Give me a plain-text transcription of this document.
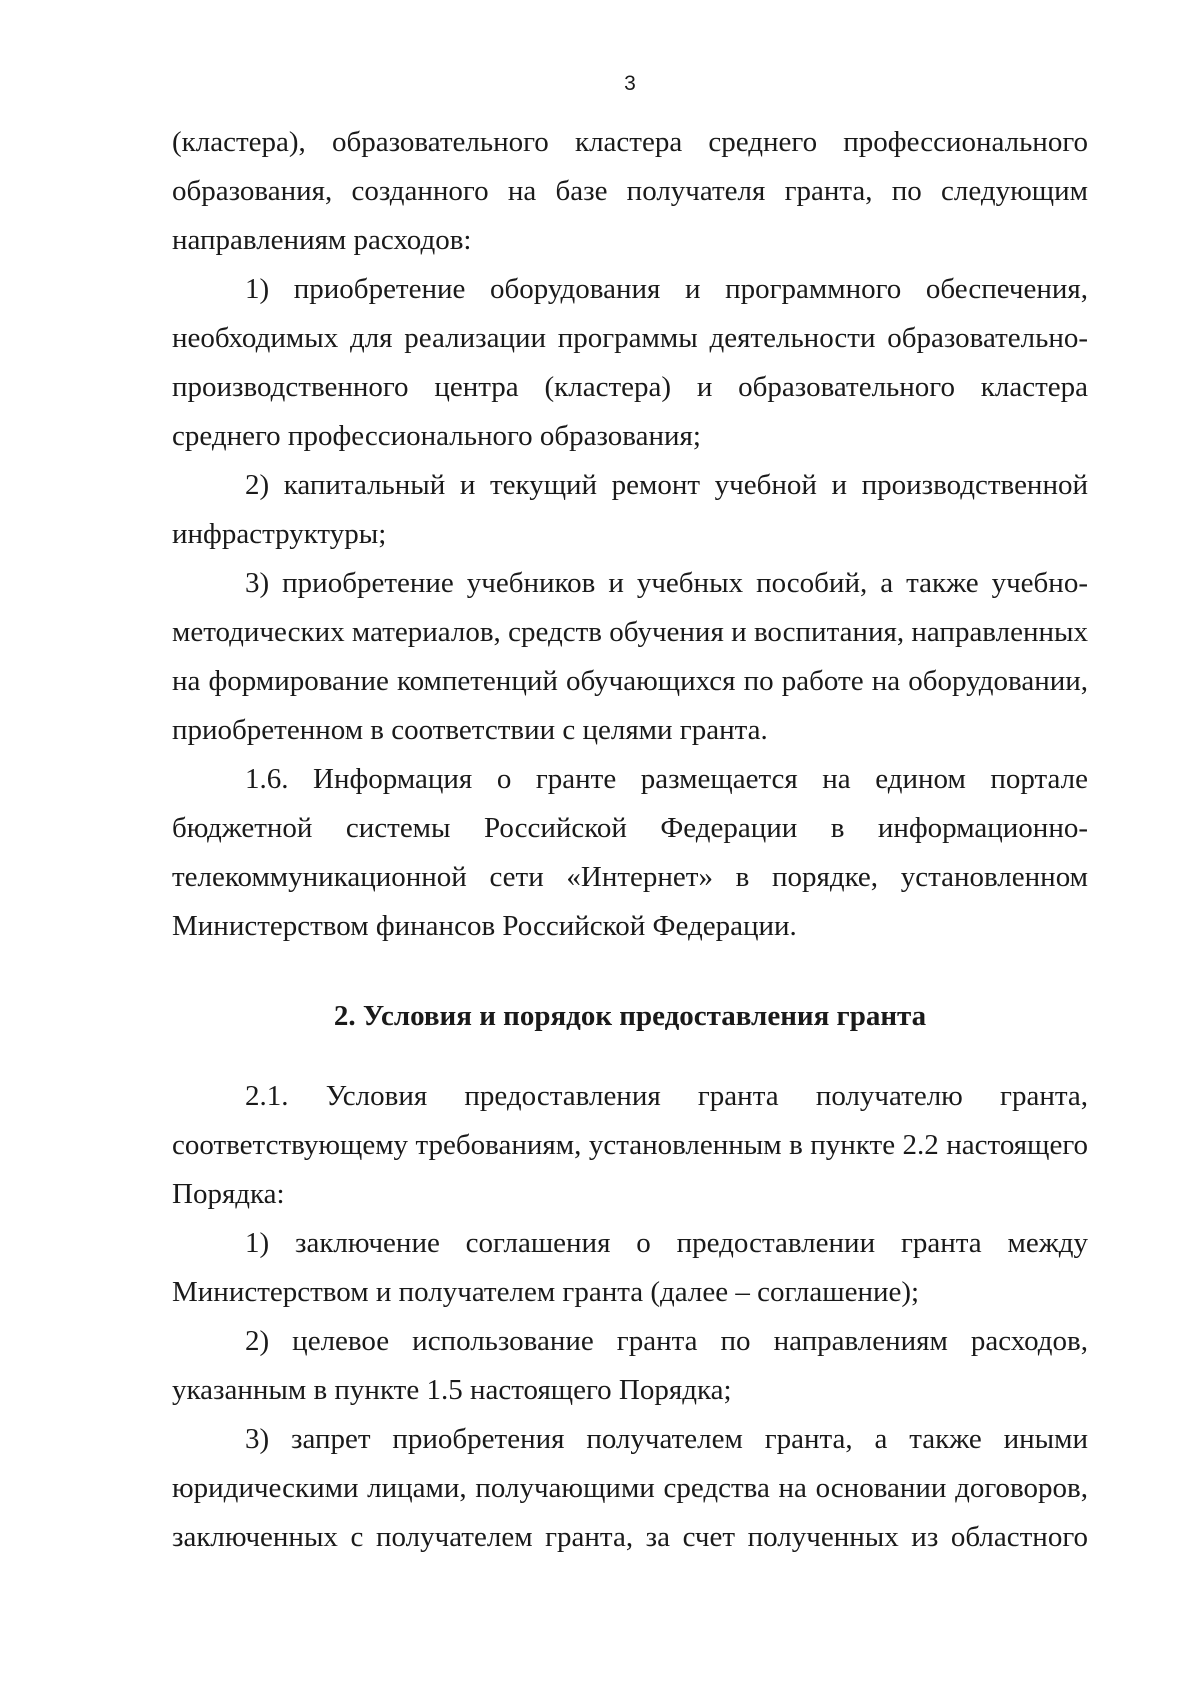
3

(кластера), образовательного кластера среднего профессионального образования, созданного на базе получателя гранта, по следующим направлениям расходов:

1) приобретение оборудования и программного обеспечения, необходимых для реализации программы деятельности образовательно-производственного центра (кластера) и образовательного кластера среднего профессионального образования;

2) капитальный и текущий ремонт учебной и производственной инфраструктуры;

3) приобретение учебников и учебных пособий, а также учебно-методических материалов, средств обучения и воспитания, направленных на формирование компетенций обучающихся по работе на оборудовании, приобретенном в соответствии с целями гранта.

1.6. Информация о гранте размещается на едином портале бюджетной системы Российской Федерации в информационно-телекоммуникационной сети «Интернет» в порядке, установленном Министерством финансов Российской Федерации.

2. Условия и порядок предоставления гранта

2.1. Условия предоставления гранта получателю гранта, соответствующему требованиям, установленным в пункте 2.2 настоящего Порядка:

1) заключение соглашения о предоставлении гранта между Министерством и получателем гранта (далее – соглашение);

2) целевое использование гранта по направлениям расходов, указанным в пункте 1.5 настоящего Порядка;

3) запрет приобретения получателем гранта, а также иными юридическими лицами, получающими средства на основании договоров, заключенных с получателем гранта, за счет полученных из областного
